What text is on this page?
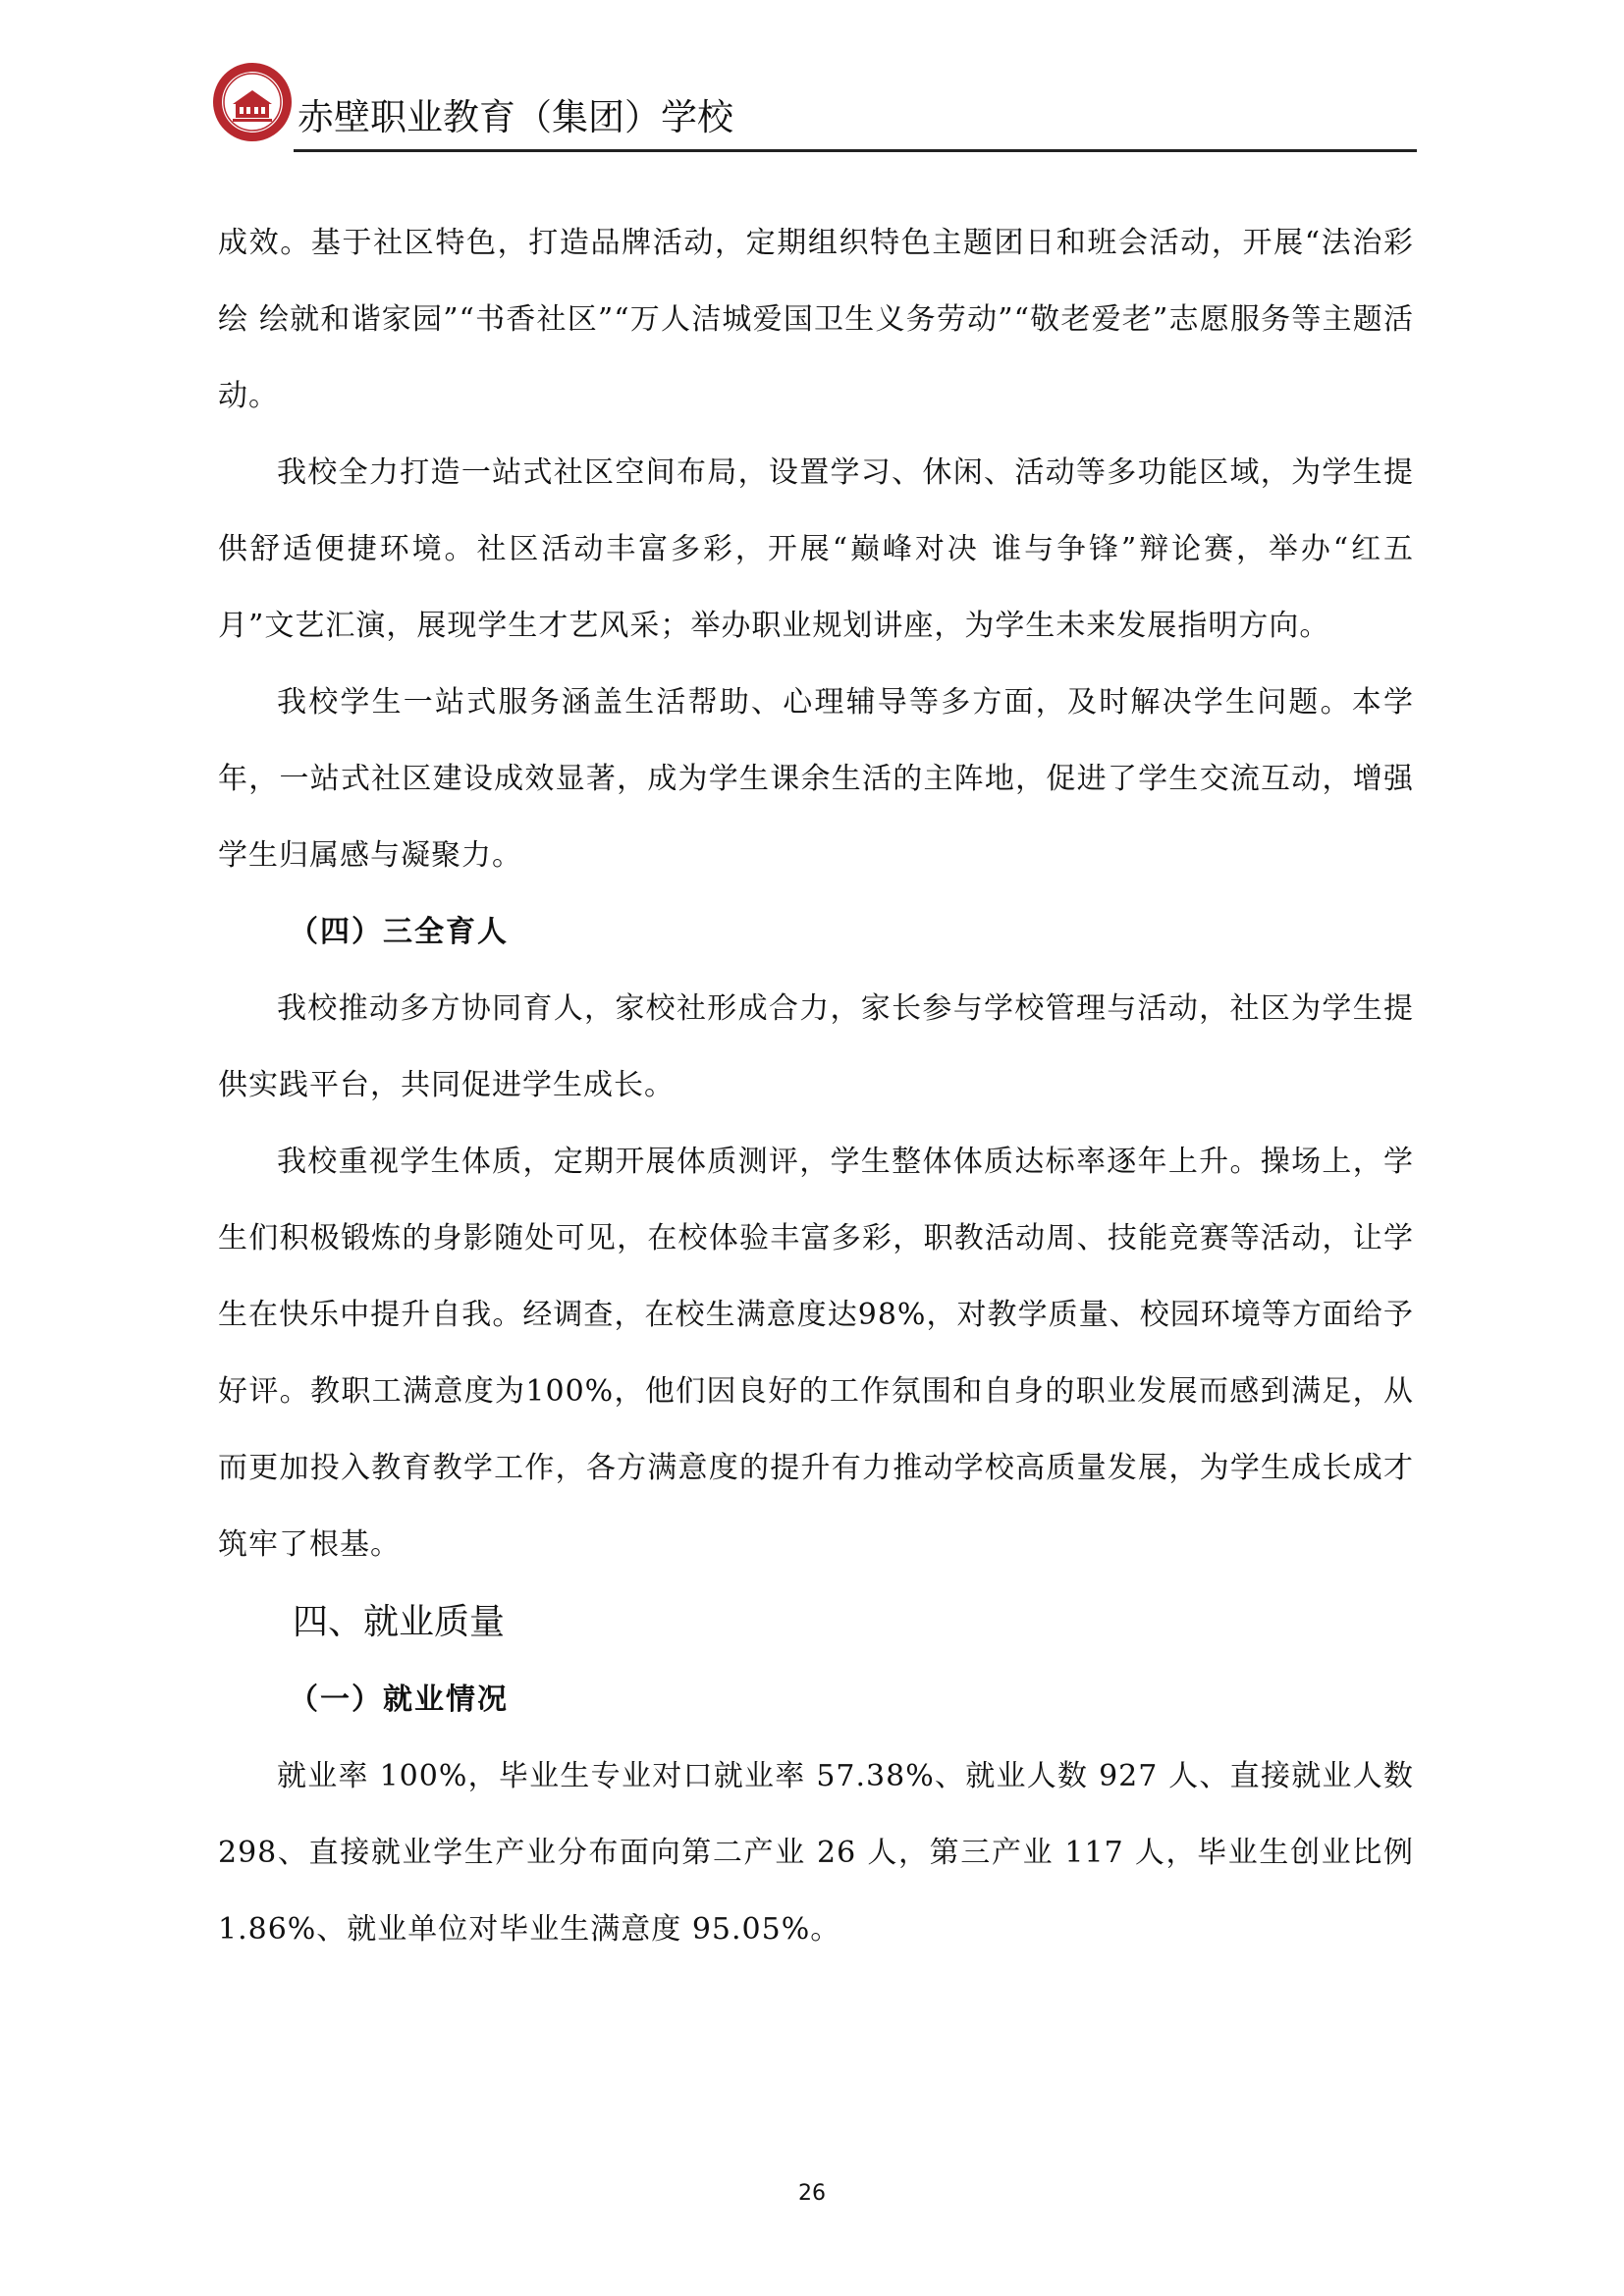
赤壁职业教育（集团）学校

成效。基于社区特色，打造品牌活动，定期组织特色主题团日和班会活动，开展“法治彩绘 绘就和谐家园”“书香社区”“万人洁城爱国卫生义务劳动”“敬老爱老”志愿服务等主题活动。

我校全力打造一站式社区空间布局，设置学习、休闲、活动等多功能区域，为学生提供舒适便捷环境。社区活动丰富多彩，开展“巅峰对决 谁与争锋”辩论赛，举办“红五月”文艺汇演，展现学生才艺风采；举办职业规划讲座，为学生未来发展指明方向。

我校学生一站式服务涵盖生活帮助、心理辅导等多方面，及时解决学生问题。本学年，一站式社区建设成效显著，成为学生课余生活的主阵地，促进了学生交流互动，增强学生归属感与凝聚力。

（四）三全育人

我校推动多方协同育人，家校社形成合力，家长参与学校管理与活动，社区为学生提供实践平台，共同促进学生成长。

我校重视学生体质，定期开展体质测评，学生整体体质达标率逐年上升。操场上，学生们积极锻炼的身影随处可见，在校体验丰富多彩，职教活动周、技能竞赛等活动，让学生在快乐中提升自我。经调查，在校生满意度达98%，对教学质量、校园环境等方面给予好评。教职工满意度为100%，他们因良好的工作氛围和自身的职业发展而感到满足，从而更加投入教育教学工作，各方满意度的提升有力推动学校高质量发展，为学生成长成才筑牢了根基。

四、就业质量

（一）就业情况

就业率 100%，毕业生专业对口就业率 57.38%、就业人数 927 人、直接就业人数 298、直接就业学生产业分布面向第二产业 26 人，第三产业 117 人，毕业生创业比例 1.86%、就业单位对毕业生满意度 95.05%。

26
